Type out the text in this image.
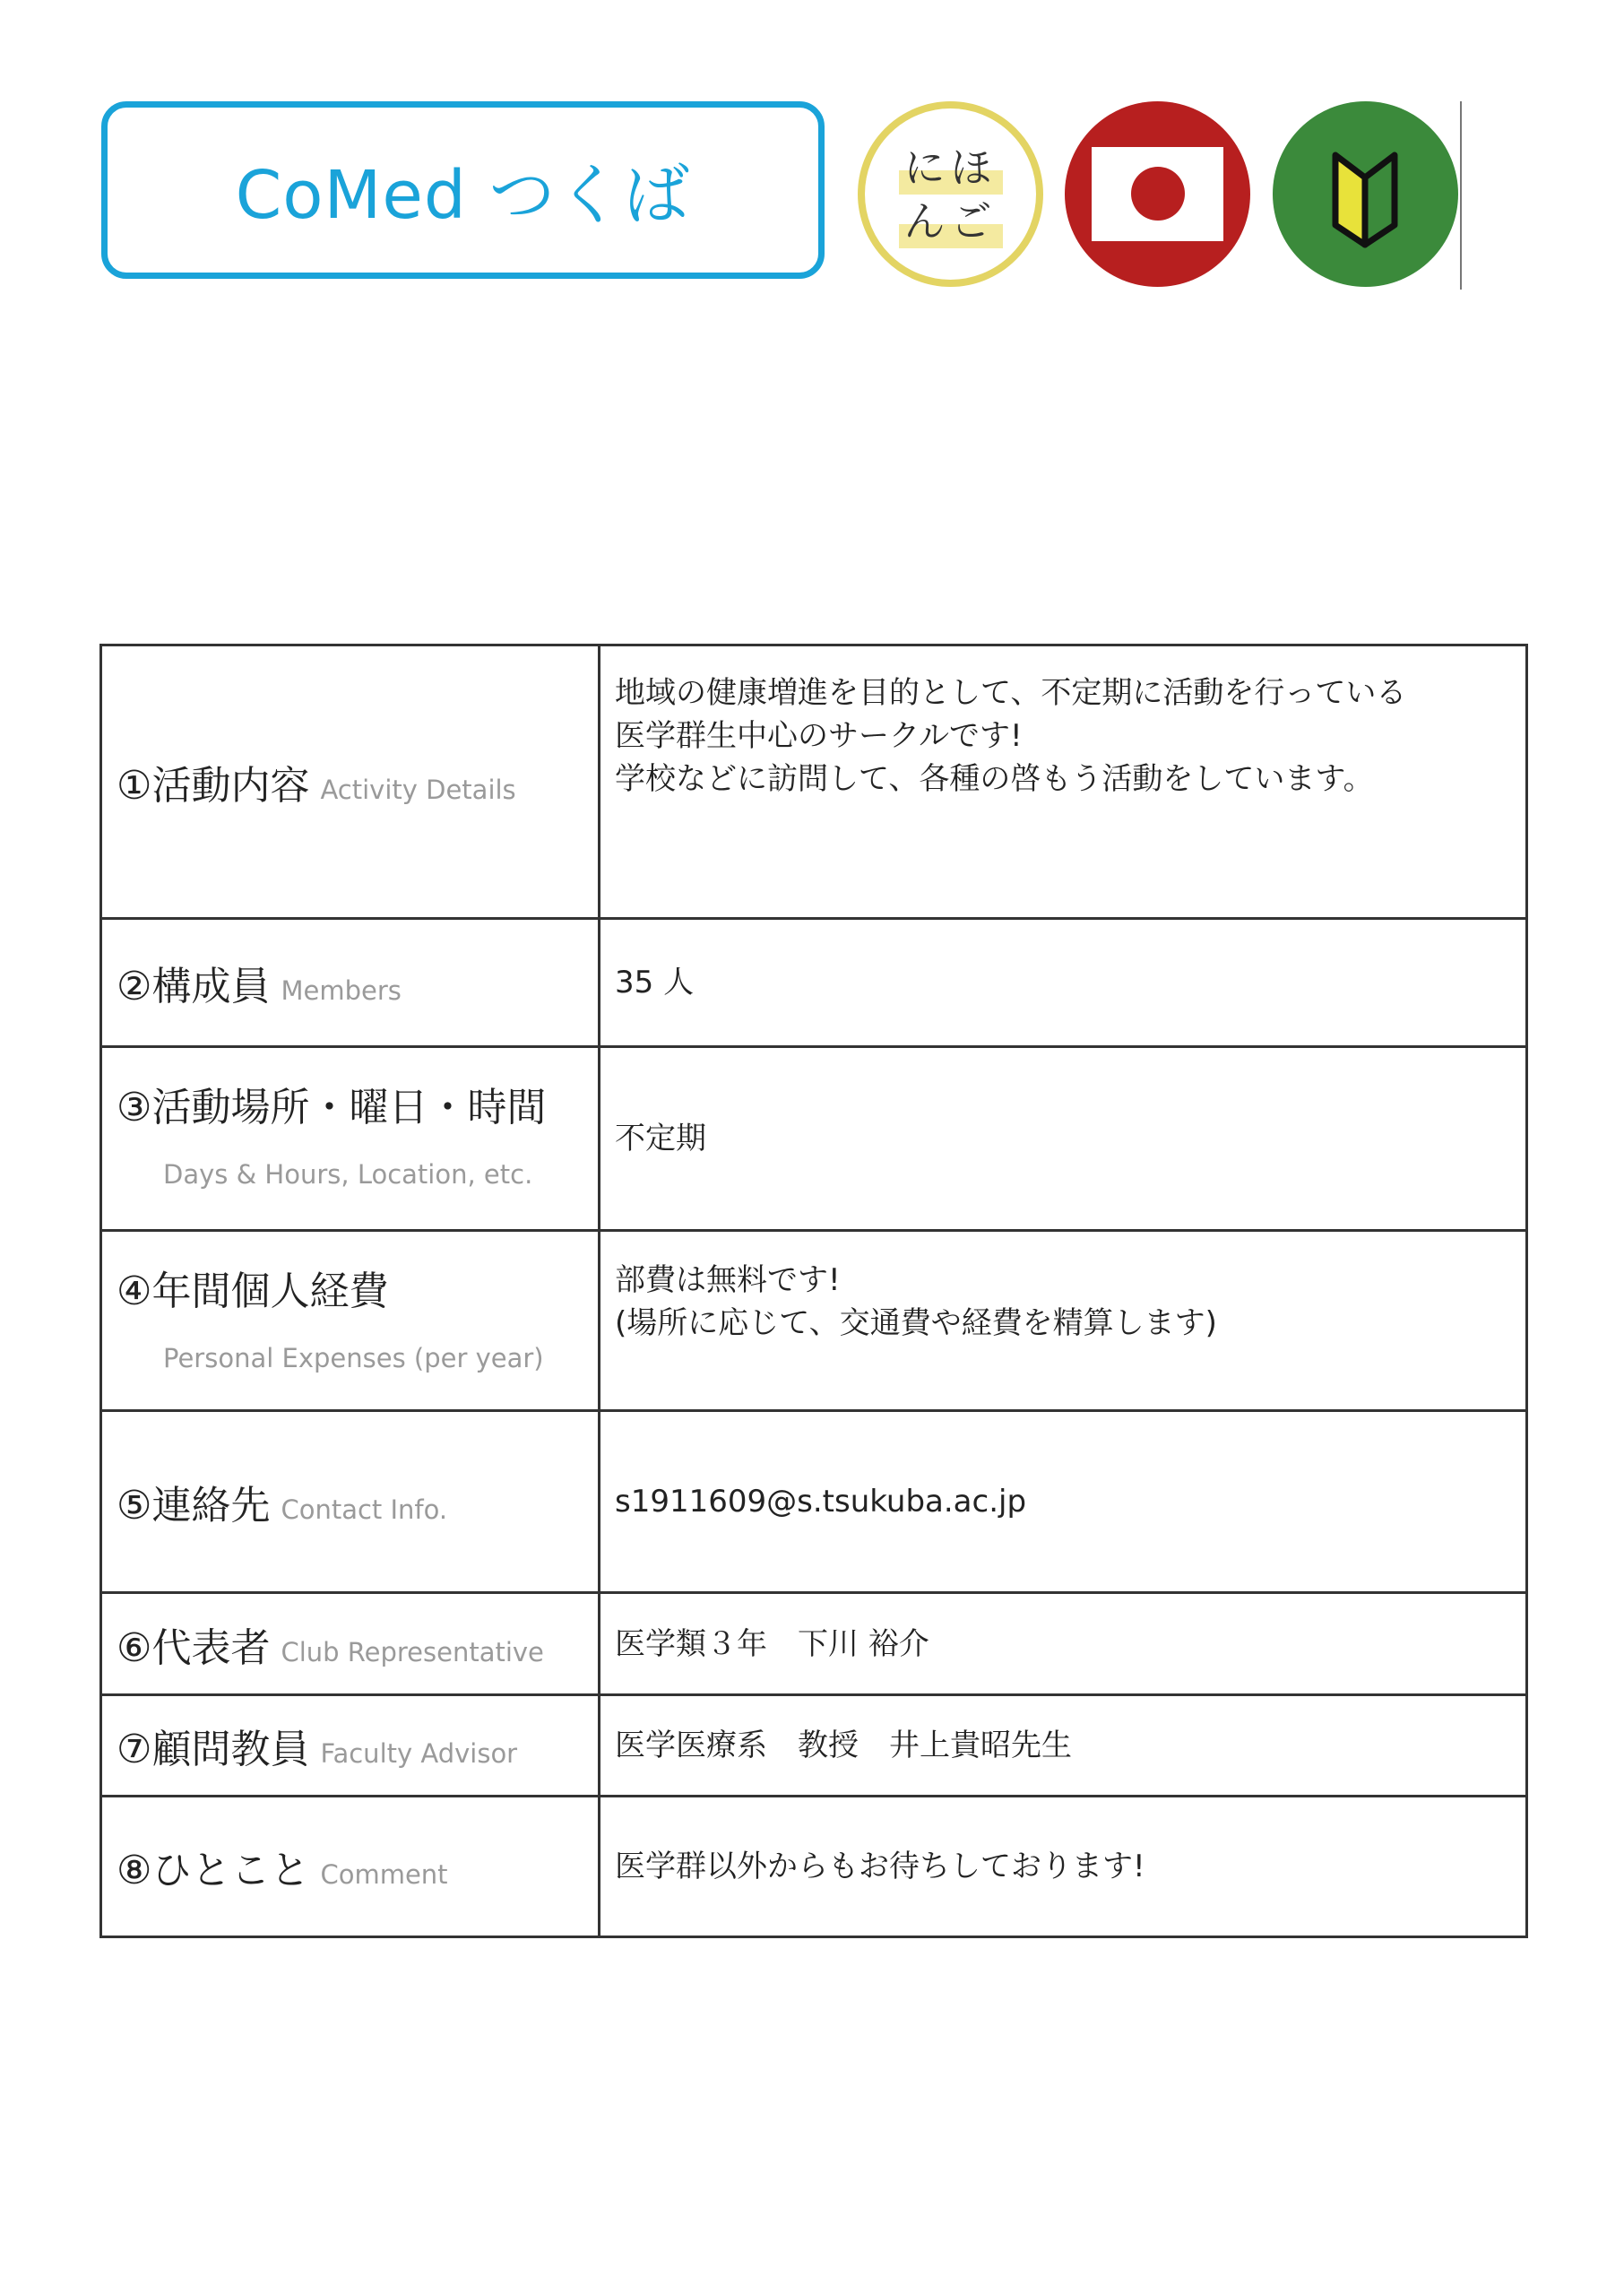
CoMed つくば	にほ
んご
①活動内容 Activity Details	地域の健康増進を目的として、不定期に活動を行っている
医学群生中心のサークルです!
学校などに訪問して、各種の啓もう活動をしています。

②構成員 Members	35 人

③活動場所・曜日・時間
Days & Hours, Location, etc.	不定期

④年間個人経費
Personal Expenses (per year)	部費は無料です!
(場所に応じて、交通費や経費を精算します)

⑤連絡先 Contact Info.	s1911609@s.tsukuba.ac.jp

⑥代表者 Club Representative	医学類３年　下川 裕介

⑦顧問教員 Faculty Advisor	医学医療系　教授　井上貴昭先生

⑧ひとこと Comment	医学群以外からもお待ちしております!
